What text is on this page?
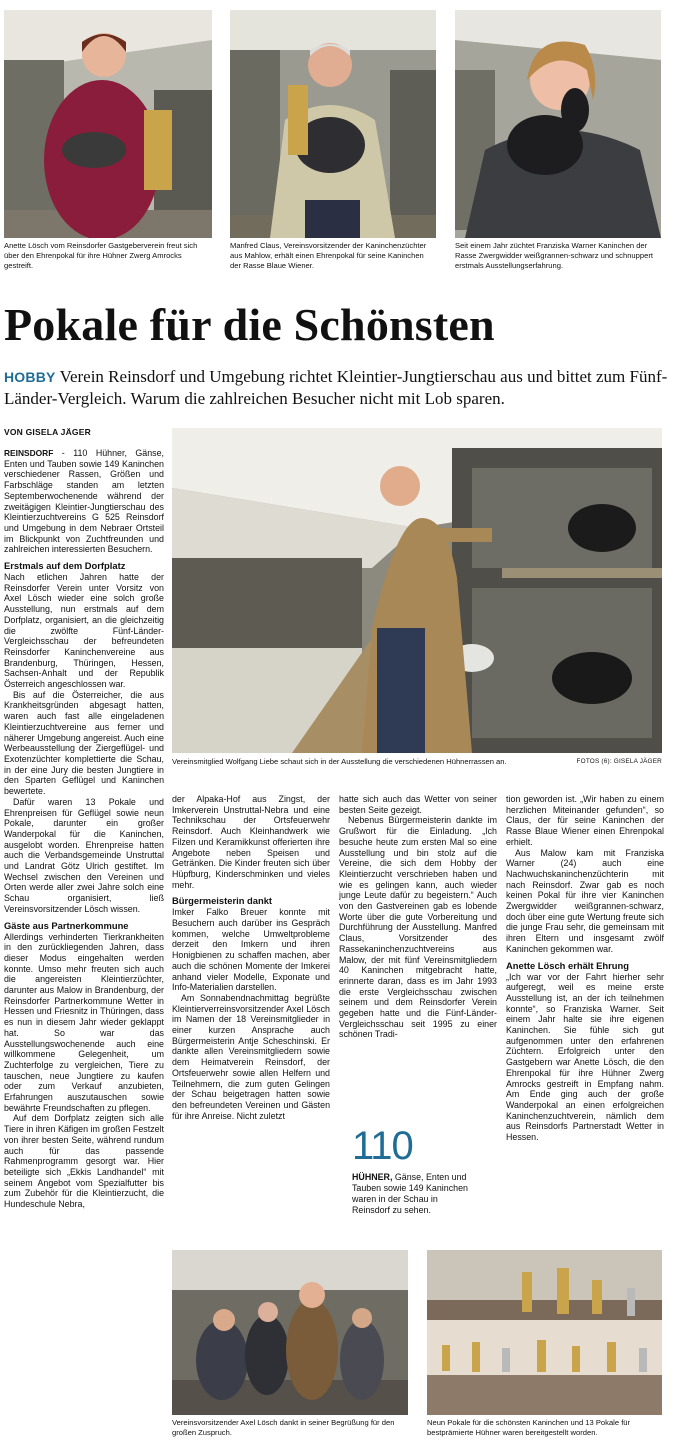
Anette Lösch vom Reinsdorfer Gastgeberverein freut sich über den Ehrenpokal für ihre Hühner Zwerg Amrocks gestreift.

Manfred Claus, Vereinsvorsitzender der Kaninchenzüchter aus Mahlow, erhält einen Ehrenpokal für seine Kaninchen der Rasse Blaue Wiener.

Seit einem Jahr züchtet Franziska Warner Kaninchen der Rasse Zwergwidder weißgrannen-schwarz und schnuppert erstmals Ausstellungserfahrung.

Pokale für die Schönsten

HOBBY Verein Reinsdorf und Umgebung richtet Kleintier-Jungtierschau aus und bittet zum Fünf-Länder-Vergleich. Warum die zahlreichen Besucher nicht mit Lob sparen.

VON GISELA JÄGER

REINSDORF - 110 Hühner, Gänse, Enten und Tauben sowie 149 Kaninchen verschiedener Rassen, Größen und Farbschläge standen am letzten Septemberwochenende während der zweitägigen Kleintier-Jungtierschau des Kleintierzuchtvereins G 525 Reinsdorf und Umgebung in dem Nebraer Ortsteil im Blickpunkt von Zuchtfreunden und zahlreichen interessierten Besuchern.

Erstmals auf dem Dorfplatz

Nach etlichen Jahren hatte der Reinsdorfer Verein unter Vorsitz von Axel Lösch wieder eine solch große Ausstellung, nun erstmals auf dem Dorfplatz, organisiert, an die gleichzeitig die zwölfte Fünf-Länder-Vergleichsschau der befreundeten Reinsdorfer Kaninchenvereine aus Brandenburg, Thüringen, Hessen, Sachsen-Anhalt und der Republik Österreich angeschlossen war.

Bis auf die Österreicher, die aus Krankheitsgründen abgesagt hatten, waren auch fast alle eingeladenen Kleintierzuchtvereine aus ferner und näherer Umgebung angereist. Auch eine Werbeausstellung der Ziergeflügel- und Exotenzüchter komplettierte die Schau, in der eine Jury die besten Jungtiere in den Sparten Geflügel und Kaninchen bewertete.

Dafür waren 13 Pokale und Ehrenpreisen für Geflügel sowie neun Pokale, darunter ein großer Wanderpokal für die Kaninchen, ausgelobt worden. Ehrenpreise hatten auch die Verbandsgemeinde Unstruttal und Landrat Götz Ulrich gestiftet. Im Wechsel zwischen den Vereinen und Orten werde aller zwei Jahre solch eine Schau organisiert, ließ Vereinsvorsitzender Lösch wissen.

Gäste aus Partnerkommune

Allerdings verhinderten Tierkrankheiten in den zurückliegenden Jahren, dass dieser Modus eingehalten werden konnte. Umso mehr freuten sich auch die angereisten Kleintierzüchter, darunter aus Malow in Brandenburg, der Reinsdorfer Partnerkommune Wetter in Hessen und Friesnitz in Thüringen, dass es nun in diesem Jahr wieder geklappt hat. So war das Ausstellungswochenende auch eine willkommene Gelegenheit, um Zuchterfolge zu vergleichen, Tiere zu tauschen, neue Jungtiere zu kaufen oder zum Verkauf anzubieten, Erfahrungen auszutauschen sowie bewährte Freundschaften zu pflegen.

Auf dem Dorfplatz zeigten sich alle Tiere in ihren Käfigen im großen Festzelt von ihrer besten Seite, während rundum auch für das passende Rahmenprogramm gesorgt war. Hier beteiligte sich „Ekkis Landhandel“ mit seinem Angebot vom Spezialfutter bis zum Zubehör für die Kleintierzucht, die Hundeschule Nebra,

Vereinsmitglied Wolfgang Liebe schaut sich in der Ausstellung die verschiedenen Hühnerrassen an.	FOTOS (6): GISELA JÄGER

der Alpaka-Hof aus Zingst, der Imkerverein Unstruttal-Nebra und eine Technikschau der Ortsfeuerwehr Reinsdorf. Auch Kleinhandwerk wie Filzen und Keramikkunst offerierten ihre Angebote neben Speisen und Getränken. Die Kinder freuten sich über Hüpfburg, Kinderschminken und vieles mehr.

Bürgermeisterin dankt

Imker Falko Breuer konnte mit Besuchern auch darüber ins Gespräch kommen, welche Umweltprobleme derzeit den Imkern und ihren Honigbienen zu schaffen machen, aber auch die schönen Momente der Imkerei anhand vieler Modelle, Exponate und Info-Materialien darstellen.

Am Sonnabendnachmittag begrüßte Kleintierverreinsvorsitzender Axel Lösch im Namen der 18 Vereinsmitglieder in einer kurzen Ansprache auch Bürgermeisterin Antje Scheschinski. Er dankte allen Vereinsmitgliedern sowie dem Heimatverein Reinsdorf, der Ortsfeuerwehr sowie allen Helfern und Teilnehmern, die zum guten Gelingen der Schau beigetragen hatten sowie den befreundeten Vereinen und Gästen für ihre Anreise. Nicht zuletzt

hatte sich auch das Wetter von seiner besten Seite gezeigt.

Nebenus Bürgermeisterin dankte im Grußwort für die Einladung. „Ich besuche heute zum ersten Mal so eine Ausstellung und bin stolz auf die Vereine, die sich dem Hobby der Kleintierzucht verschrieben haben und wie es gelingen kann, auch wieder junge Leute dafür zu begeistern.“ Auch von den Gastvereinen gab es lobende Worte über die gute Vorbereitung und Durchführung der Ausstellung. Manfred Claus, Vorsitzender des Rassekaninchenzuchtvereins aus Malow, der mit fünf Vereinsmitgliedern 40 Kaninchen mitgebracht hatte, erinnerte daran, dass es im Jahr 1993 die erste Vergleichsschau zwischen seinem und dem Reinsdorfer Verein gegeben hatte und die Fünf-Länder-Vergleichsschau seit 1995 zu einer schönen Tradi-

tion geworden ist. „Wir haben zu einem herzlichen Miteinander gefunden“, so Claus, der für seine Kaninchen der Rasse Blaue Wiener einen Ehrenpokal erhielt.

Aus Malow kam mit Franziska Warner (24) auch eine Nachwuchskaninchenzüchterin mit nach Reinsdorf. Zwar gab es noch keinen Pokal für ihre vier Kaninchen Zwergwidder weißgrannen-schwarz, doch über eine gute Wertung freute sich die junge Frau sehr, die gemeinsam mit ihren Eltern und insgesamt zwölf Kaninchen gekommen war.

Anette Lösch erhält Ehrung

„Ich war vor der Fahrt hierher sehr aufgeregt, weil es meine erste Ausstellung ist, an der ich teilnehmen konnte“, so Franziska Warner. Seit einem Jahr halte sie ihre eigenen Kaninchen. Sie fühle sich gut aufgenommen unter den erfahrenen Züchtern. Erfolgreich unter den Gastgebern war Anette Lösch, die den Ehrenpokal für ihre Hühner Zwerg Amrocks gestreift in Empfang nahm. Am Ende ging auch der große Wanderpokal an einen erfolgreichen Kaninchenzuchtverein, nämlich dem aus Reinsdorfs Partnerstadt Wetter in Hessen.

110

HÜHNER, Gänse, Enten und Tauben sowie 149 Kaninchen waren in der Schau in Reinsdorf zu sehen.

Vereinsvorsitzender Axel Lösch dankt in seiner Begrüßung für den großen Zuspruch.

Neun Pokale für die schönsten Kaninchen und 13 Pokale für bestprämierte Hühner waren bereitgestellt worden.
